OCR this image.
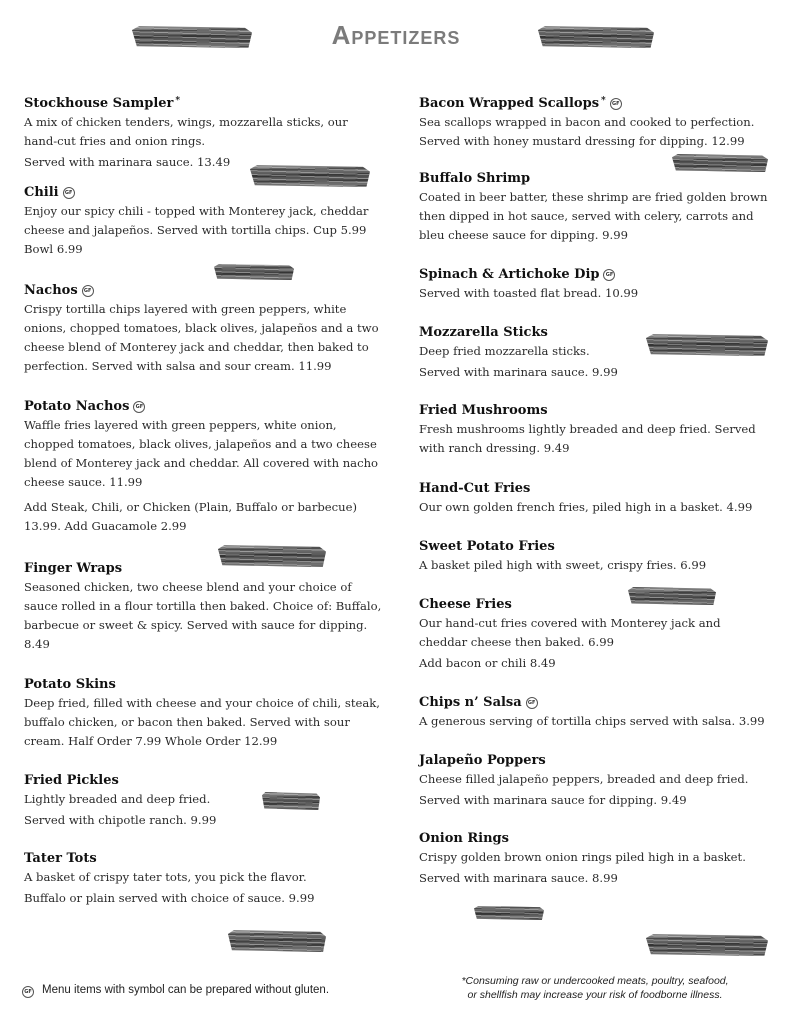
Appetizers
Stockhouse Sampler *

A mix of chicken tenders, wings, mozzarella sticks, our hand-cut fries and onion rings.

Served with marinara sauce. 13.49

Chili GF

Enjoy our spicy chili - topped with Monterey jack, cheddar cheese and jalapeños. Served with tortilla chips. Cup 5.99 Bowl 6.99

Nachos GF

Crispy tortilla chips layered with green peppers, white onions, chopped tomatoes, black olives, jalapeños and a two cheese blend of Monterey jack and cheddar, then baked to perfection. Served with salsa and sour cream. 11.99

Potato Nachos GF

Waffle fries layered with green peppers, white onion, chopped tomatoes, black olives, jalapeños and a two cheese blend of Monterey jack and cheddar. All covered with nacho cheese sauce. 11.99

Add Steak, Chili, or Chicken (Plain, Buffalo or barbecue) 13.99. Add Guacamole 2.99

Finger Wraps

Seasoned chicken, two cheese blend and your choice of sauce rolled in a flour tortilla then baked. Choice of: Buffalo, barbecue or sweet & spicy. Served with sauce for dipping. 8.49

Potato Skins

Deep fried, filled with cheese and your choice of chili, steak, buffalo chicken, or bacon then baked. Served with sour cream. Half Order 7.99 Whole Order 12.99

Fried Pickles

Lightly breaded and deep fried.

Served with chipotle ranch. 9.99

Tater Tots

A basket of crispy tater tots, you pick the flavor.

Buffalo or plain served with choice of sauce. 9.99

Bacon Wrapped Scallops * GF

Sea scallops wrapped in bacon and cooked to perfection. Served with honey mustard dressing for dipping. 12.99

Buffalo Shrimp

Coated in beer batter, these shrimp are fried golden brown then dipped in hot sauce, served with celery, carrots and bleu cheese sauce for dipping. 9.99

Spinach & Artichoke Dip GF

Served with toasted flat bread. 10.99

Mozzarella Sticks

Deep fried mozzarella sticks.

Served with marinara sauce. 9.99

Fried Mushrooms

Fresh mushrooms lightly breaded and deep fried. Served with ranch dressing. 9.49

Hand-Cut Fries

Our own golden french fries, piled high in a basket. 4.99

Sweet Potato Fries

A basket piled high with sweet, crispy fries. 6.99

Cheese Fries

Our hand-cut fries covered with Monterey jack and cheddar cheese then baked. 6.99

Add bacon or chili 8.49

Chips n’ Salsa GF

A generous serving of tortilla chips served with salsa. 3.99

Jalapeño Poppers

Cheese filled jalapeño peppers, breaded and deep fried.

Served with marinara sauce for dipping. 9.49

Onion Rings

Crispy golden brown onion rings piled high in a basket.

Served with marinara sauce. 8.99

GF Menu items with symbol can be prepared without gluten.
*Consuming raw or undercooked meats, poultry, seafood,
or shellfish may increase your risk of foodborne illness.
